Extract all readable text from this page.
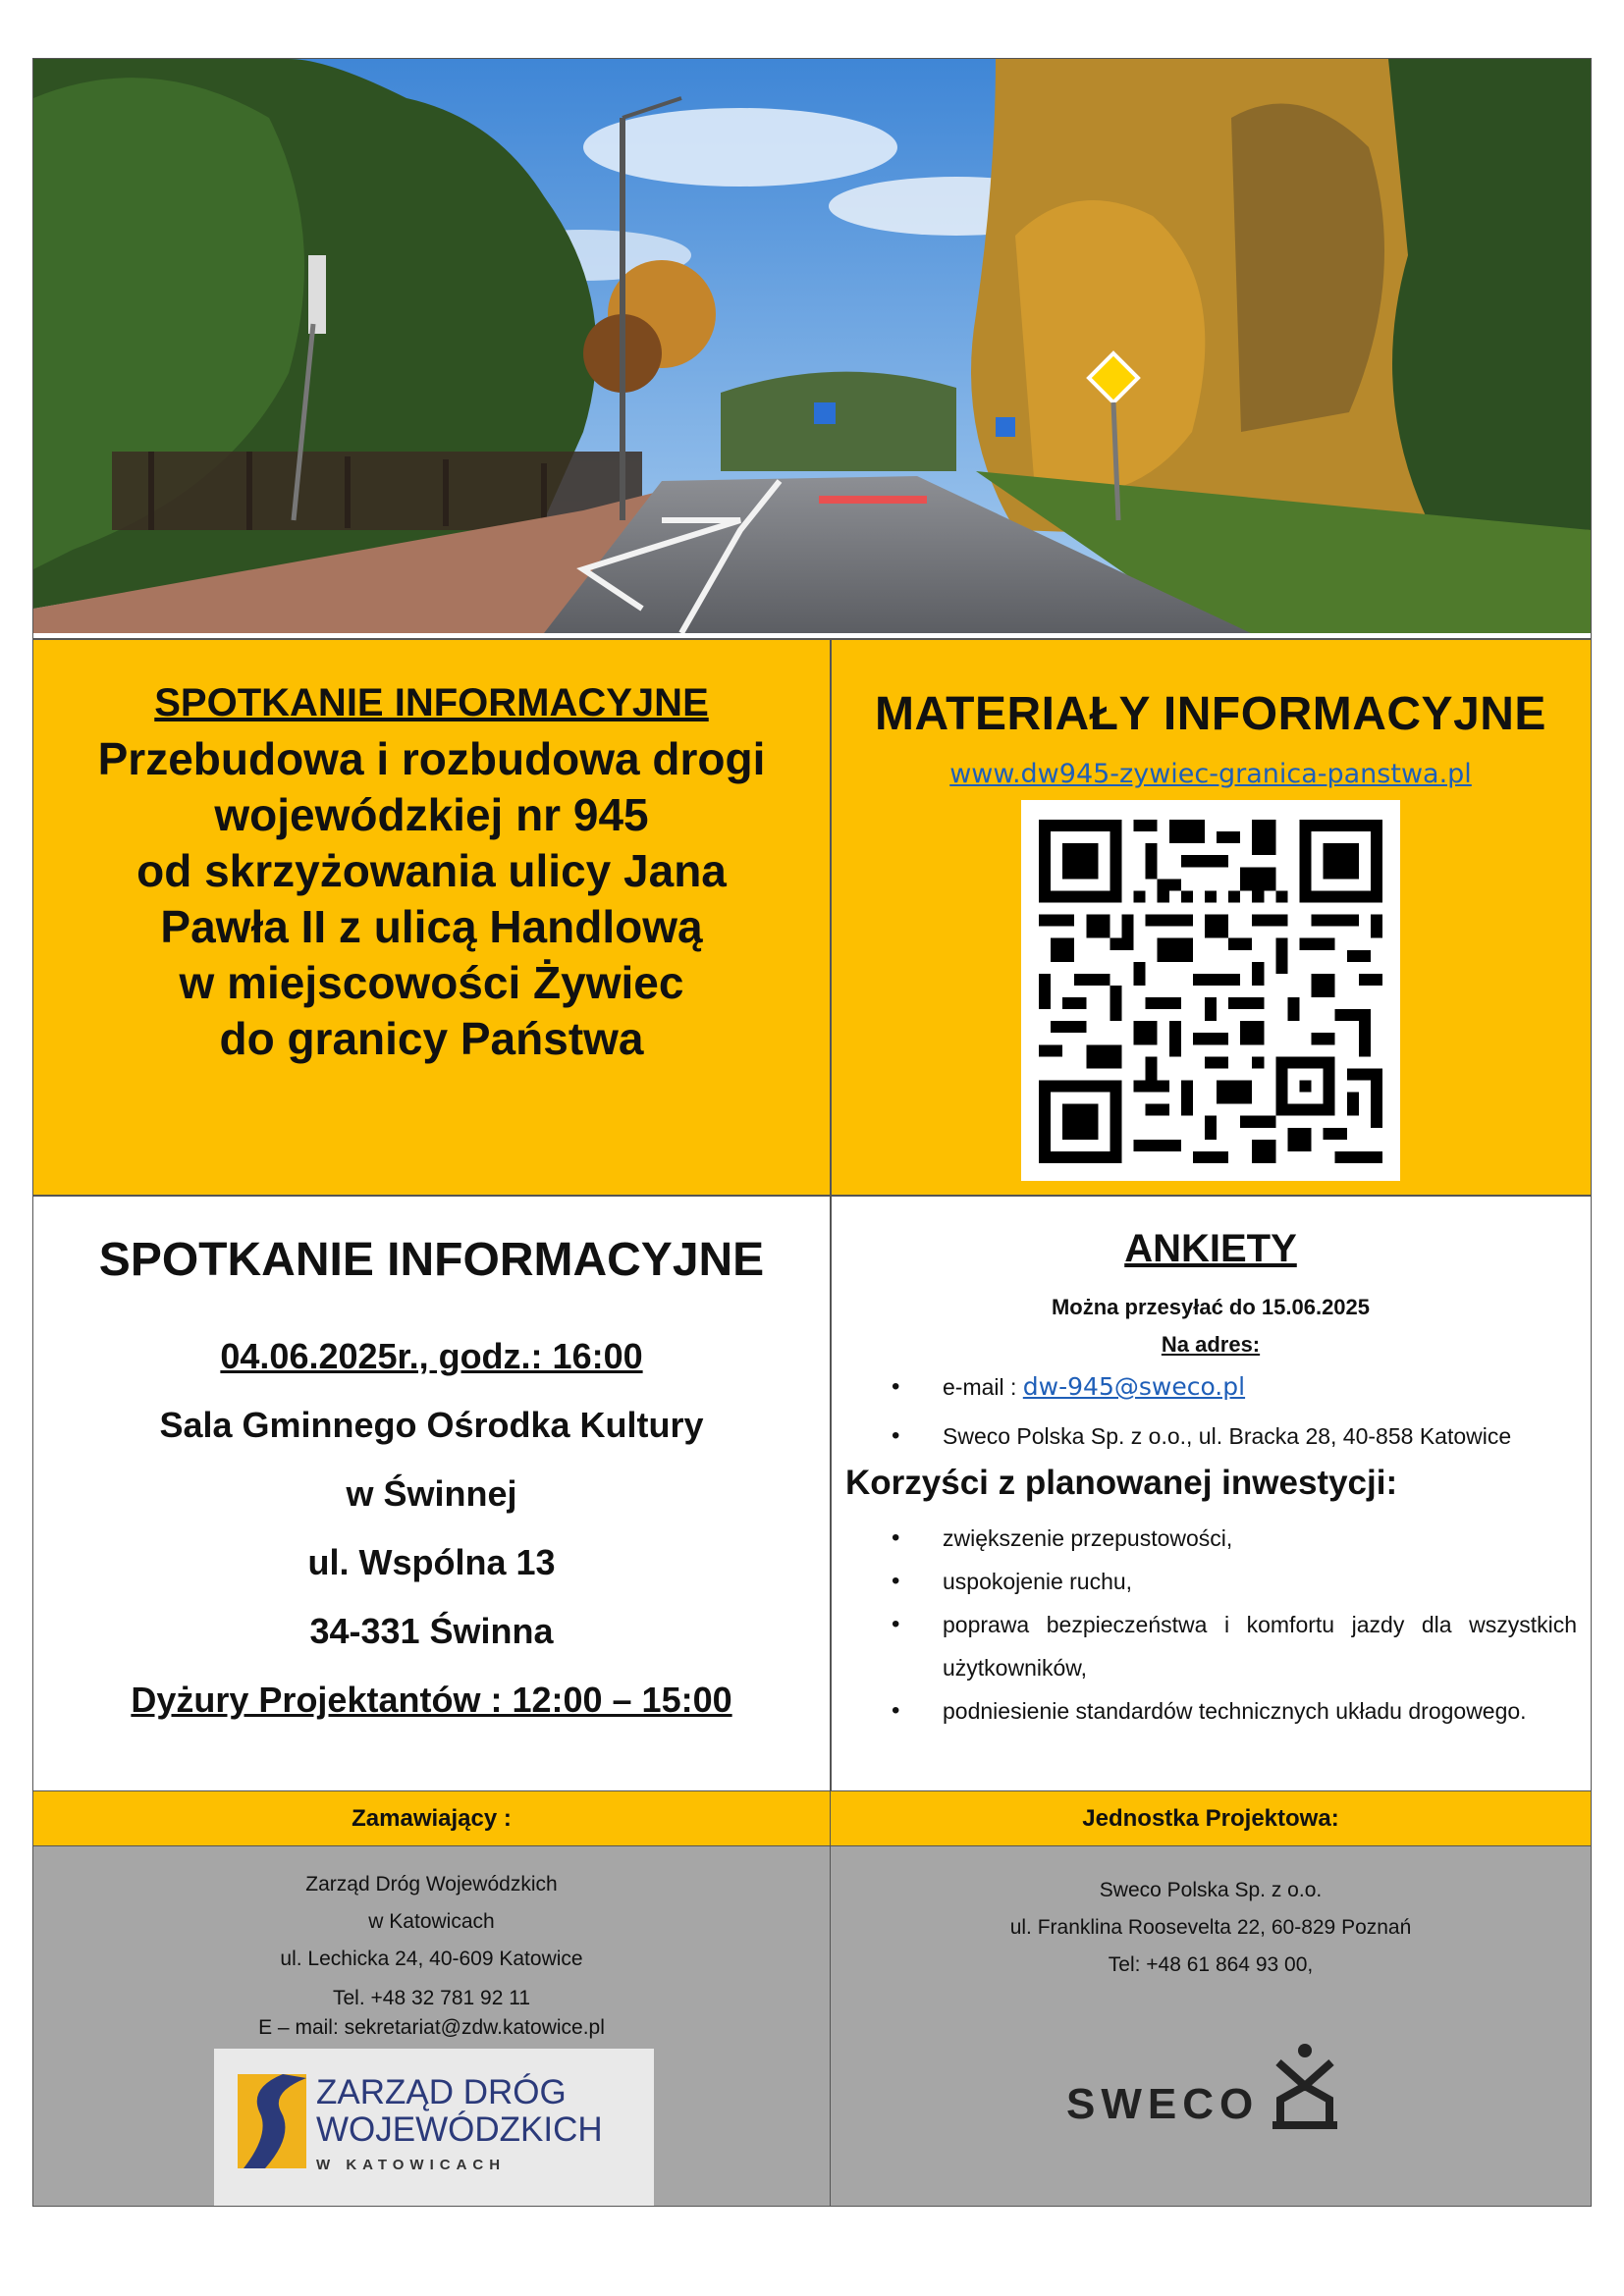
SPOTKANIE INFORMACYJNE
Przebudowa i rozbudowa drogi
wojewódzkiej nr 945
od skrzyżowania ulicy Jana
Pawła II z ulicą Handlową
w miejscowości Żywiec
do granicy Państwa
MATERIAŁY INFORMACYJNE
www.dw945-zywiec-granica-panstwa.pl
SPOTKANIE INFORMACYJNE
04.06.2025r., godz.: 16:00
Sala Gminnego Ośrodka Kultury
w Świnnej
ul. Wspólna 13
34-331 Świnna
Dyżury Projektantów : 12:00 – 15:00
ANKIETY
Można przesyłać do 15.06.2025
Na adres:
• e-mail : dw-945@sweco.pl
• Sweco Polska Sp. z o.o., ul. Bracka 28, 40-858 Katowice
Korzyści z planowanej inwestycji:
• zwiększenie przepustowości,
• uspokojenie ruchu,
• poprawa bezpieczeństwa i komfortu jazdy dla wszystkich użytkowników,
• podniesienie standardów technicznych układu drogowego.
Zamawiający :	Jednostka Projektowa:

Zarząd Dróg Wojewódzkich

w Katowicach

ul. Lechicka 24, 40-609 Katowice

Tel. +48 32 781 92 11

E – mail: sekretariat@zdw.katowice.pl

ZARZĄD DRÓG
WOJEWÓDZKICH
W KATOWICACH

Sweco Polska Sp. z o.o.

ul. Franklina Roosevelta 22, 60-829 Poznań

Tel: +48 61 864 93 00,

SWECO
